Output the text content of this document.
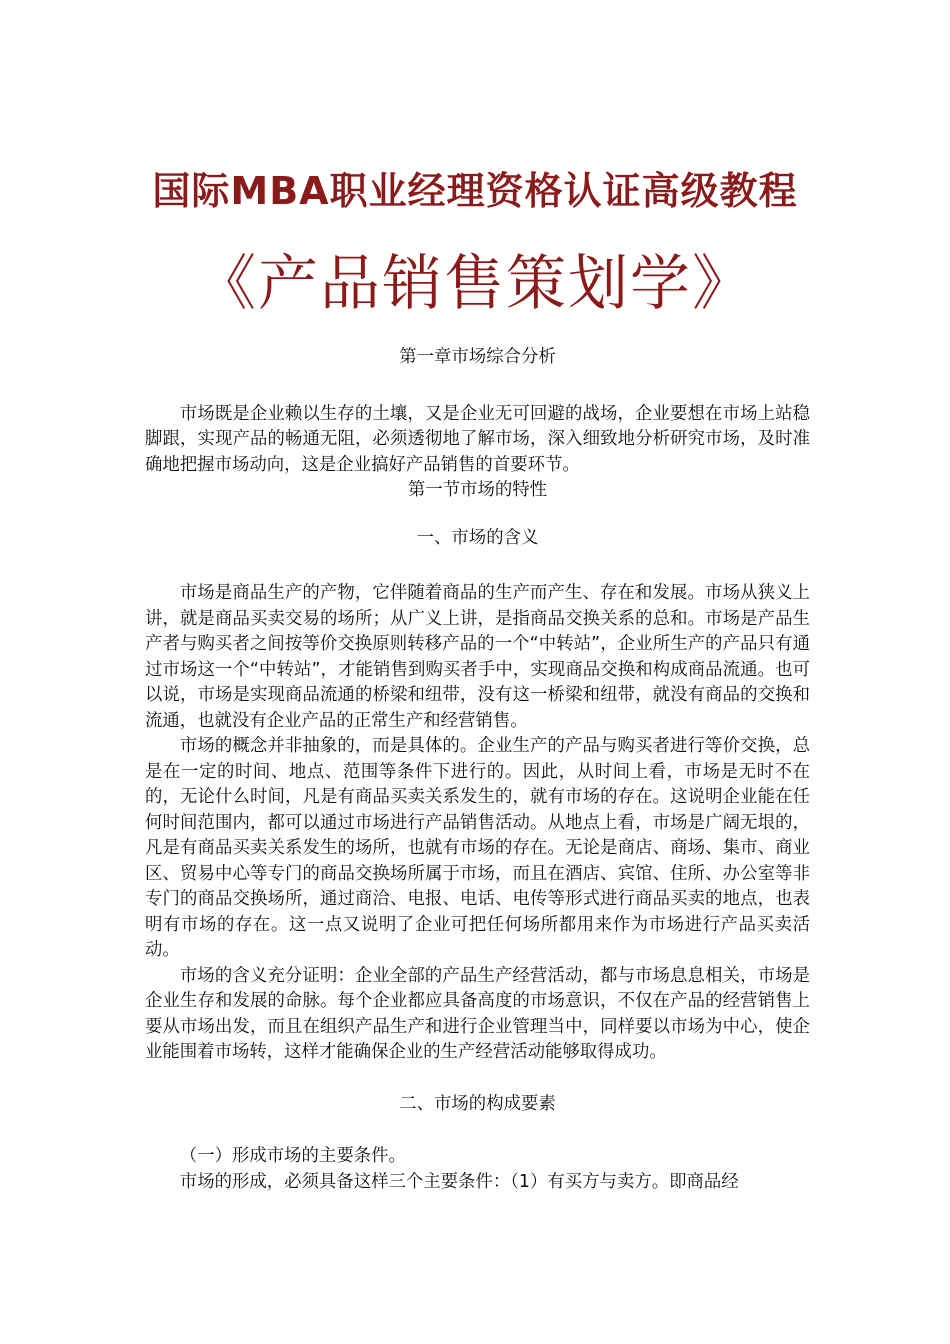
国际MBA职业经理资格认证高级教程
《产品销售策划学》

第一章市场综合分析

市场既是企业赖以生存的土壤，又是企业无可回避的战场，企业要想在市场上站稳脚跟，实现产品的畅通无阻，必须透彻地了解市场，深入细致地分析研究市场，及时准确地把握市场动向，这是企业搞好产品销售的首要环节。

第一节市场的特性

一、市场的含义

市场是商品生产的产物，它伴随着商品的生产而产生、存在和发展。市场从狭义上讲，就是商品买卖交易的场所；从广义上讲，是指商品交换关系的总和。市场是产品生产者与购买者之间按等价交换原则转移产品的一个“中转站”，企业所生产的产品只有通过市场这一个“中转站”，才能销售到购买者手中，实现商品交换和构成商品流通。也可以说，市场是实现商品流通的桥梁和纽带，没有这一桥梁和纽带，就没有商品的交换和流通，也就没有企业产品的正常生产和经营销售。

市场的概念并非抽象的，而是具体的。企业生产的产品与购买者进行等价交换，总是在一定的时间、地点、范围等条件下进行的。因此，从时间上看，市场是无时不在的，无论什么时间，凡是有商品买卖关系发生的，就有市场的存在。这说明企业能在任何时间范围内，都可以通过市场进行产品销售活动。从地点上看，市场是广阔无垠的，凡是有商品买卖关系发生的场所，也就有市场的存在。无论是商店、商场、集市、商业区、贸易中心等专门的商品交换场所属于市场，而且在酒店、宾馆、住所、办公室等非专门的商品交换场所，通过商洽、电报、电话、电传等形式进行商品买卖的地点，也表明有市场的存在。这一点又说明了企业可把任何场所都用来作为市场进行产品买卖活动。

市场的含义充分证明：企业全部的产品生产经营活动，都与市场息息相关，市场是企业生存和发展的命脉。每个企业都应具备高度的市场意识，不仅在产品的经营销售上要从市场出发，而且在组织产品生产和进行企业管理当中，同样要以市场为中心，使企业能围着市场转，这样才能确保企业的生产经营活动能够取得成功。

二、市场的构成要素

（一）形成市场的主要条件。

市场的形成，必须具备这样三个主要条件：（1）有买方与卖方。即商品经
